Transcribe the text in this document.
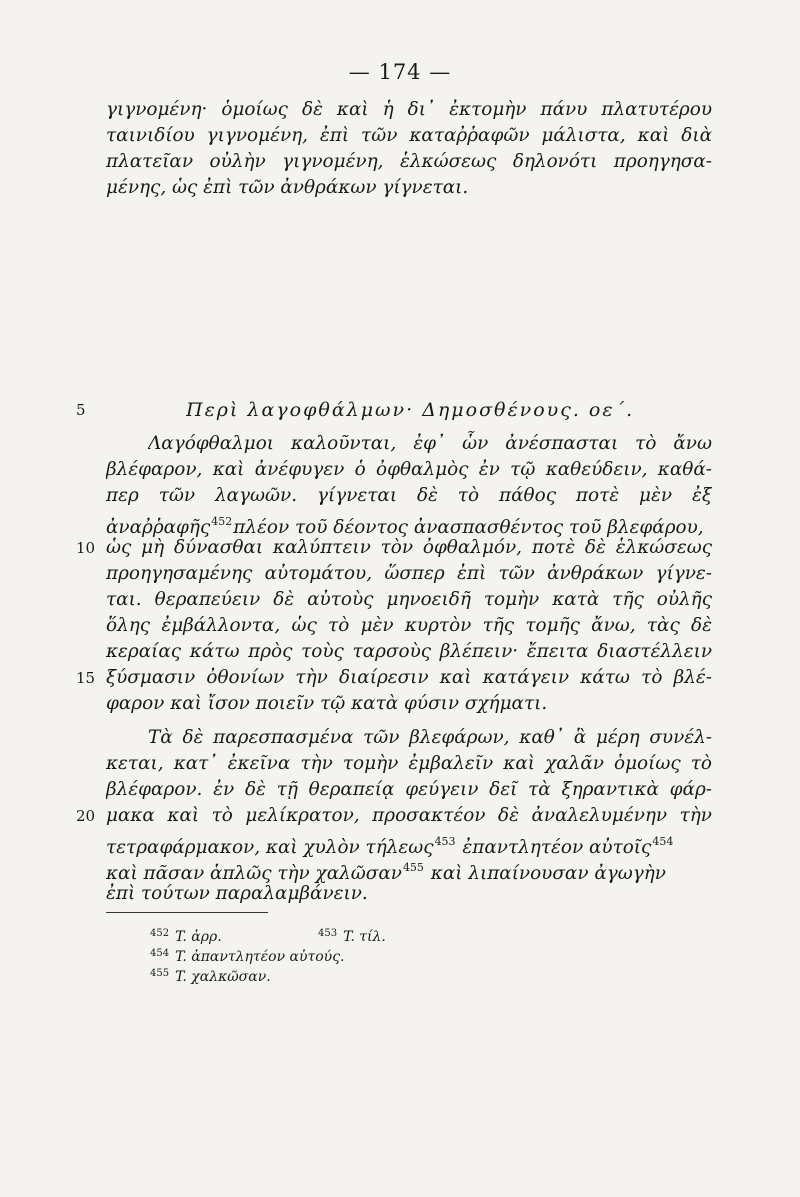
— 174 —
γιγνομένη· ὁμοίως δὲ καὶ ἡ δι᾽ ἐκτομὴν πάνυ πλατυτέρου
ταινιδίου γιγνομένη, ἐπὶ τῶν καταῤῥαφῶν μάλιστα, καὶ διὰ
πλατεῖαν οὐλὴν γιγνομένη, ἑλκώσεως δηλονότι προηγησα-
μένης, ὡς ἐπὶ τῶν ἀνθράκων γίγνεται.
5	Περὶ λαγοφθάλμων· Δημοσθένους. οε΄.
Λαγόφθαλμοι καλοῦνται, ἐφ᾽ ὧν ἀνέσπασται τὸ ἄνω
βλέφαρον, καὶ ἀνέφυγεν ὁ ὀφθαλμὸς ἐν τῷ καθεύδειν, καθά-
περ τῶν λαγωῶν. γίγνεται δὲ τὸ πάθος ποτὲ μὲν ἐξ
ἀναῤῥαφῆς$^{452}$πλέον τοῦ δέοντος ἀνασπασθέντος τοῦ βλεφάρου,
10 ὡς μὴ δύνασθαι καλύπτειν τὸν ὀφθαλμόν, ποτὲ δὲ ἑλκώσεως
προηγησαμένης αὐτομάτου, ὥσπερ ἐπὶ τῶν ἀνθράκων γίγνε-
ται. θεραπεύειν δὲ αὐτοὺς μηνοειδῆ τομὴν κατὰ τῆς οὐλῆς
ὅλης ἐμβάλλοντα, ὡς τὸ μὲν κυρτὸν τῆς τομῆς ἄνω, τὰς δὲ
κεραίας κάτω πρὸς τοὺς ταρσοὺς βλέπειν· ἔπειτα διαστέλλειν
15 ξύσμασιν ὀθονίων τὴν διαίρεσιν καὶ κατάγειν κάτω τὸ βλέ-
φαρον καὶ ἴσον ποιεῖν τῷ κατὰ φύσιν σχήματι.
Τὰ δὲ παρεσπασμένα τῶν βλεφάρων, καθ᾽ ἃ μέρη συνέλ-
κεται, κατ᾽ ἐκεῖνα τὴν τομὴν ἐμβαλεῖν καὶ χαλᾶν ὁμοίως τὸ
βλέφαρον. ἐν δὲ τῇ θεραπείᾳ φεύγειν δεῖ τὰ ξηραντικὰ φάρ-
20 μακα καὶ τὸ μελίκρατον, προσακτέον δὲ ἀναλελυμένην τὴν
τετραφάρμακον, καὶ χυλὸν τήλεως$^{453}$ ἐπαντλητέον αὐτοῖς$^{454}$
καὶ πᾶσαν ἁπλῶς τὴν χαλῶσαν$^{455}$ καὶ λιπαίνουσαν ἀγωγὴν
ἐπὶ τούτων παραλαμβάνειν.
$^{452}$ T. ἀρρ.	$^{453}$ T. τίλ.
$^{454}$ T. ἀπαντλητέον αὐτούς.
$^{455}$ T. χαλκῶσαν.
